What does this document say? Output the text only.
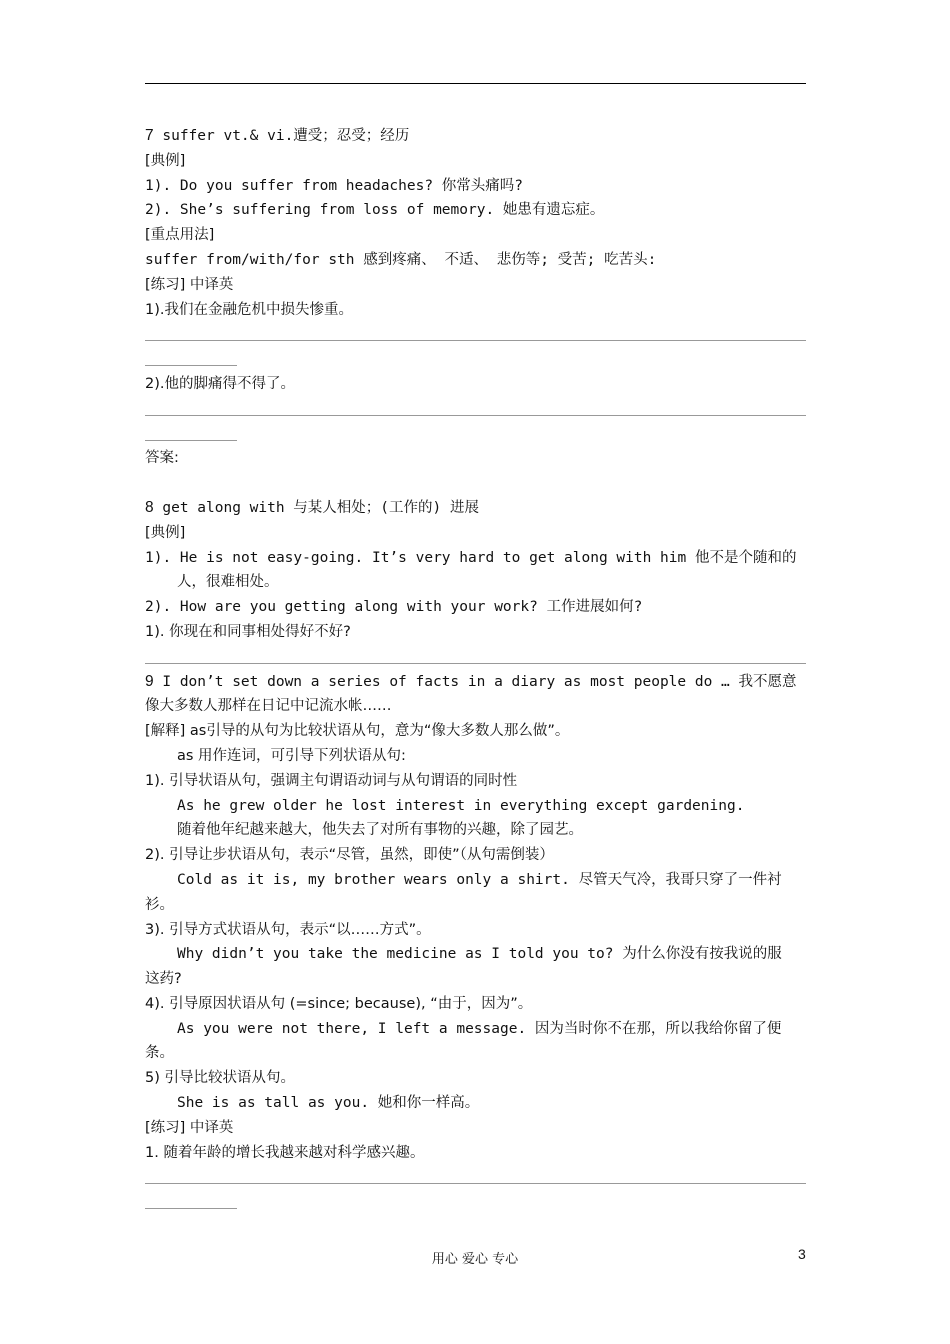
7 suffer vt.& vi.遭受；忍受；经历
[典例]
1). Do you suffer from headaches? 你常头痛吗?
2). She’s suffering from loss of memory. 她患有遗忘症。
[重点用法]
suffer from/with/for sth 感到疼痛、 不适、 悲伤等; 受苦; 吃苦头:
[练习] 中译英
1).我们在金融危机中损失惨重。
2).他的脚痛得不得了。
答案:
8 get along with 与某人相处；(工作的) 进展
[典例]
1). He is not easy-going. It’s very hard to get along with him 他不是个随和的
人，很难相处。
2). How are you getting along with your work? 工作进展如何?
1). 你现在和同事相处得好不好?
9 I don’t set down a series of facts in a diary as most people do … 我不愿意
像大多数人那样在日记中记流水帐……
[解释] as引导的从句为比较状语从句，意为“像大多数人那么做”。
as 用作连词，可引导下列状语从句:
1). 引导状语从句，强调主句谓语动词与从句谓语的同时性
As he grew older he lost interest in everything except gardening.
随着他年纪越来越大，他失去了对所有事物的兴趣，除了园艺。
2). 引导让步状语从句，表示“尽管，虽然，即使”（从句需倒装）
Cold as it is, my brother wears only a shirt. 尽管天气冷，我哥只穿了一件衬
衫。
3). 引导方式状语从句，表示“以……方式”。
Why didn’t you take the medicine as I told you to? 为什么你没有按我说的服
这药?
4). 引导原因状语从句 (=since; because), “由于，因为”。
As you were not there, I left a message. 因为当时你不在那，所以我给你留了便
条。
5) 引导比较状语从句。
She is as tall as you. 她和你一样高。
[练习] 中译英
1. 随着年龄的增长我越来越对科学感兴趣。
用心 爱心 专心	3
